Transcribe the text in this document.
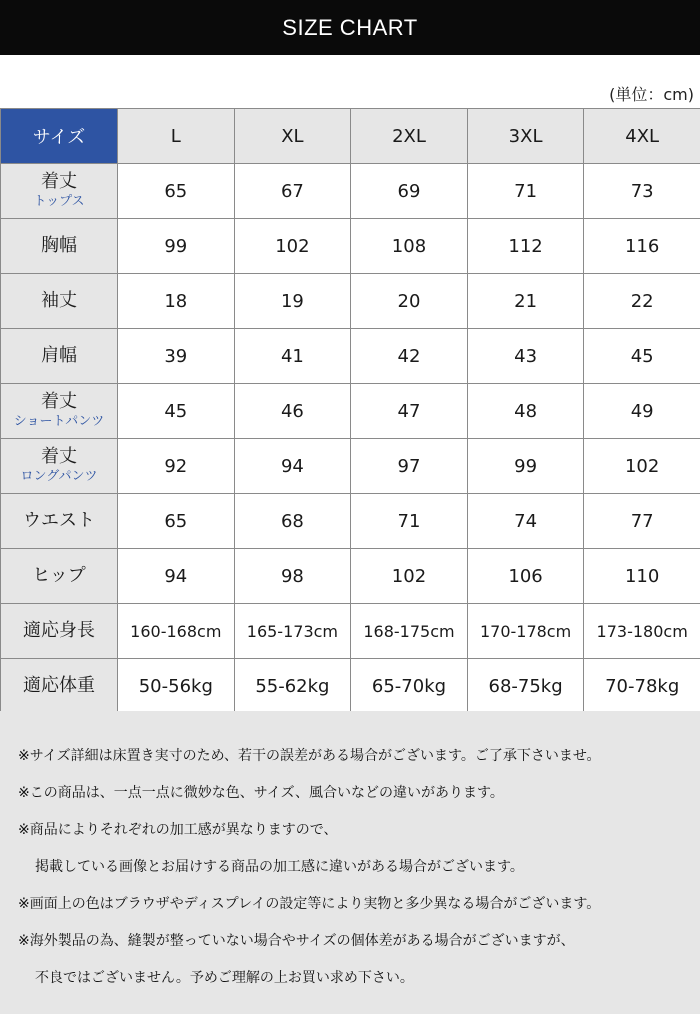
SIZE CHART
(単位：cm)
サイズ	L	XL	2XL	3XL	4XL

着丈
トップス	65	67	69	71	73

胸幅	99	102	108	112	116

袖丈	18	19	20	21	22

肩幅	39	41	42	43	45

着丈
ショートパンツ	45	46	47	48	49

着丈
ロングパンツ	92	94	97	99	102

ウエスト	65	68	71	74	77

ヒップ	94	98	102	106	110

適応身長	160-168cm	165-173cm	168-175cm	170-178cm	173-180cm

適応体重	50-56kg	55-62kg	65-70kg	68-75kg	70-78kg
※サイズ詳細は床置き実寸のため、若干の誤差がある場合がございます。ご了承下さいませ。
※この商品は、一点一点に微妙な色、サイズ、風合いなどの違いがあります。
※商品によりそれぞれの加工感が異なりますので、
掲載している画像とお届けする商品の加工感に違いがある場合がございます。
※画面上の色はブラウザやディスプレイの設定等により実物と多少異なる場合がございます。
※海外製品の為、縫製が整っていない場合やサイズの個体差がある場合がございますが、
不良ではございません。予めご理解の上お買い求め下さい。
